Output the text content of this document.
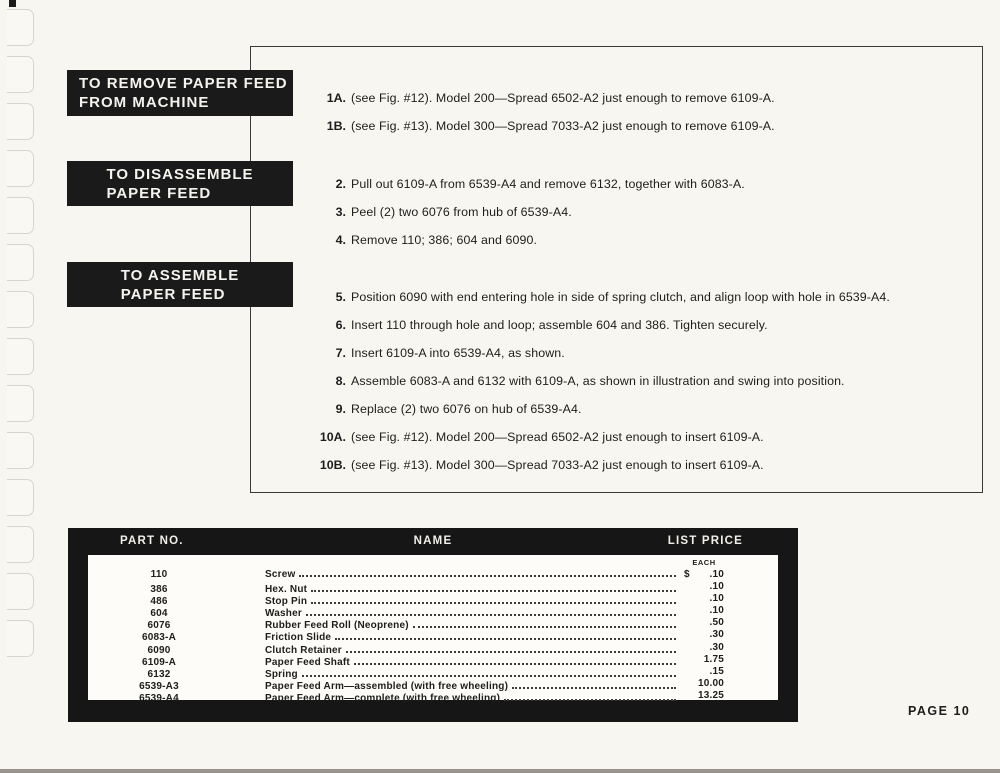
TO REMOVE PAPER FEED
FROM MACHINE
TO DISASSEMBLE
PAPER FEED
TO ASSEMBLE
PAPER FEED
1A. (see Fig. #12). Model 200—Spread 6502-A2 just enough to remove 6109-A.
1B. (see Fig. #13). Model 300—Spread 7033-A2 just enough to remove 6109-A.
2. Pull out 6109-A from 6539-A4 and remove 6132, together with 6083-A.
3. Peel (2) two 6076 from hub of 6539-A4.
4. Remove 110; 386; 604 and 6090.
5. Position 6090 with end entering hole in side of spring clutch, and align loop with hole in 6539-A4.
6. Insert 110 through hole and loop; assemble 604 and 386. Tighten securely.
7. Insert 6109-A into 6539-A4, as shown.
8. Assemble 6083-A and 6132 with 6109-A, as shown in illustration and swing into position.
9. Replace (2) two 6076 on hub of 6539-A4.
10A. (see Fig. #12). Model 200—Spread 6502-A2 just enough to insert 6109-A.
10B. (see Fig. #13). Model 300—Spread 7033-A2 just enough to insert 6109-A.
PART NO.	NAME	LIST PRICE
EACH
110	Screw	$	.10
386	Hex. Nut	.10
486	Stop Pin	.10
604	Washer	.10
6076	Rubber Feed Roll (Neoprene)	.50
6083-A	Friction Slide	.30
6090	Clutch Retainer	.30
6109-A	Paper Feed Shaft	1.75
6132	Spring	.15
6539-A3	Paper Feed Arm—assembled (with free wheeling)	10.00
6539-A4	Paper Feed Arm—complete (with free wheeling)	13.25
PAGE 10
